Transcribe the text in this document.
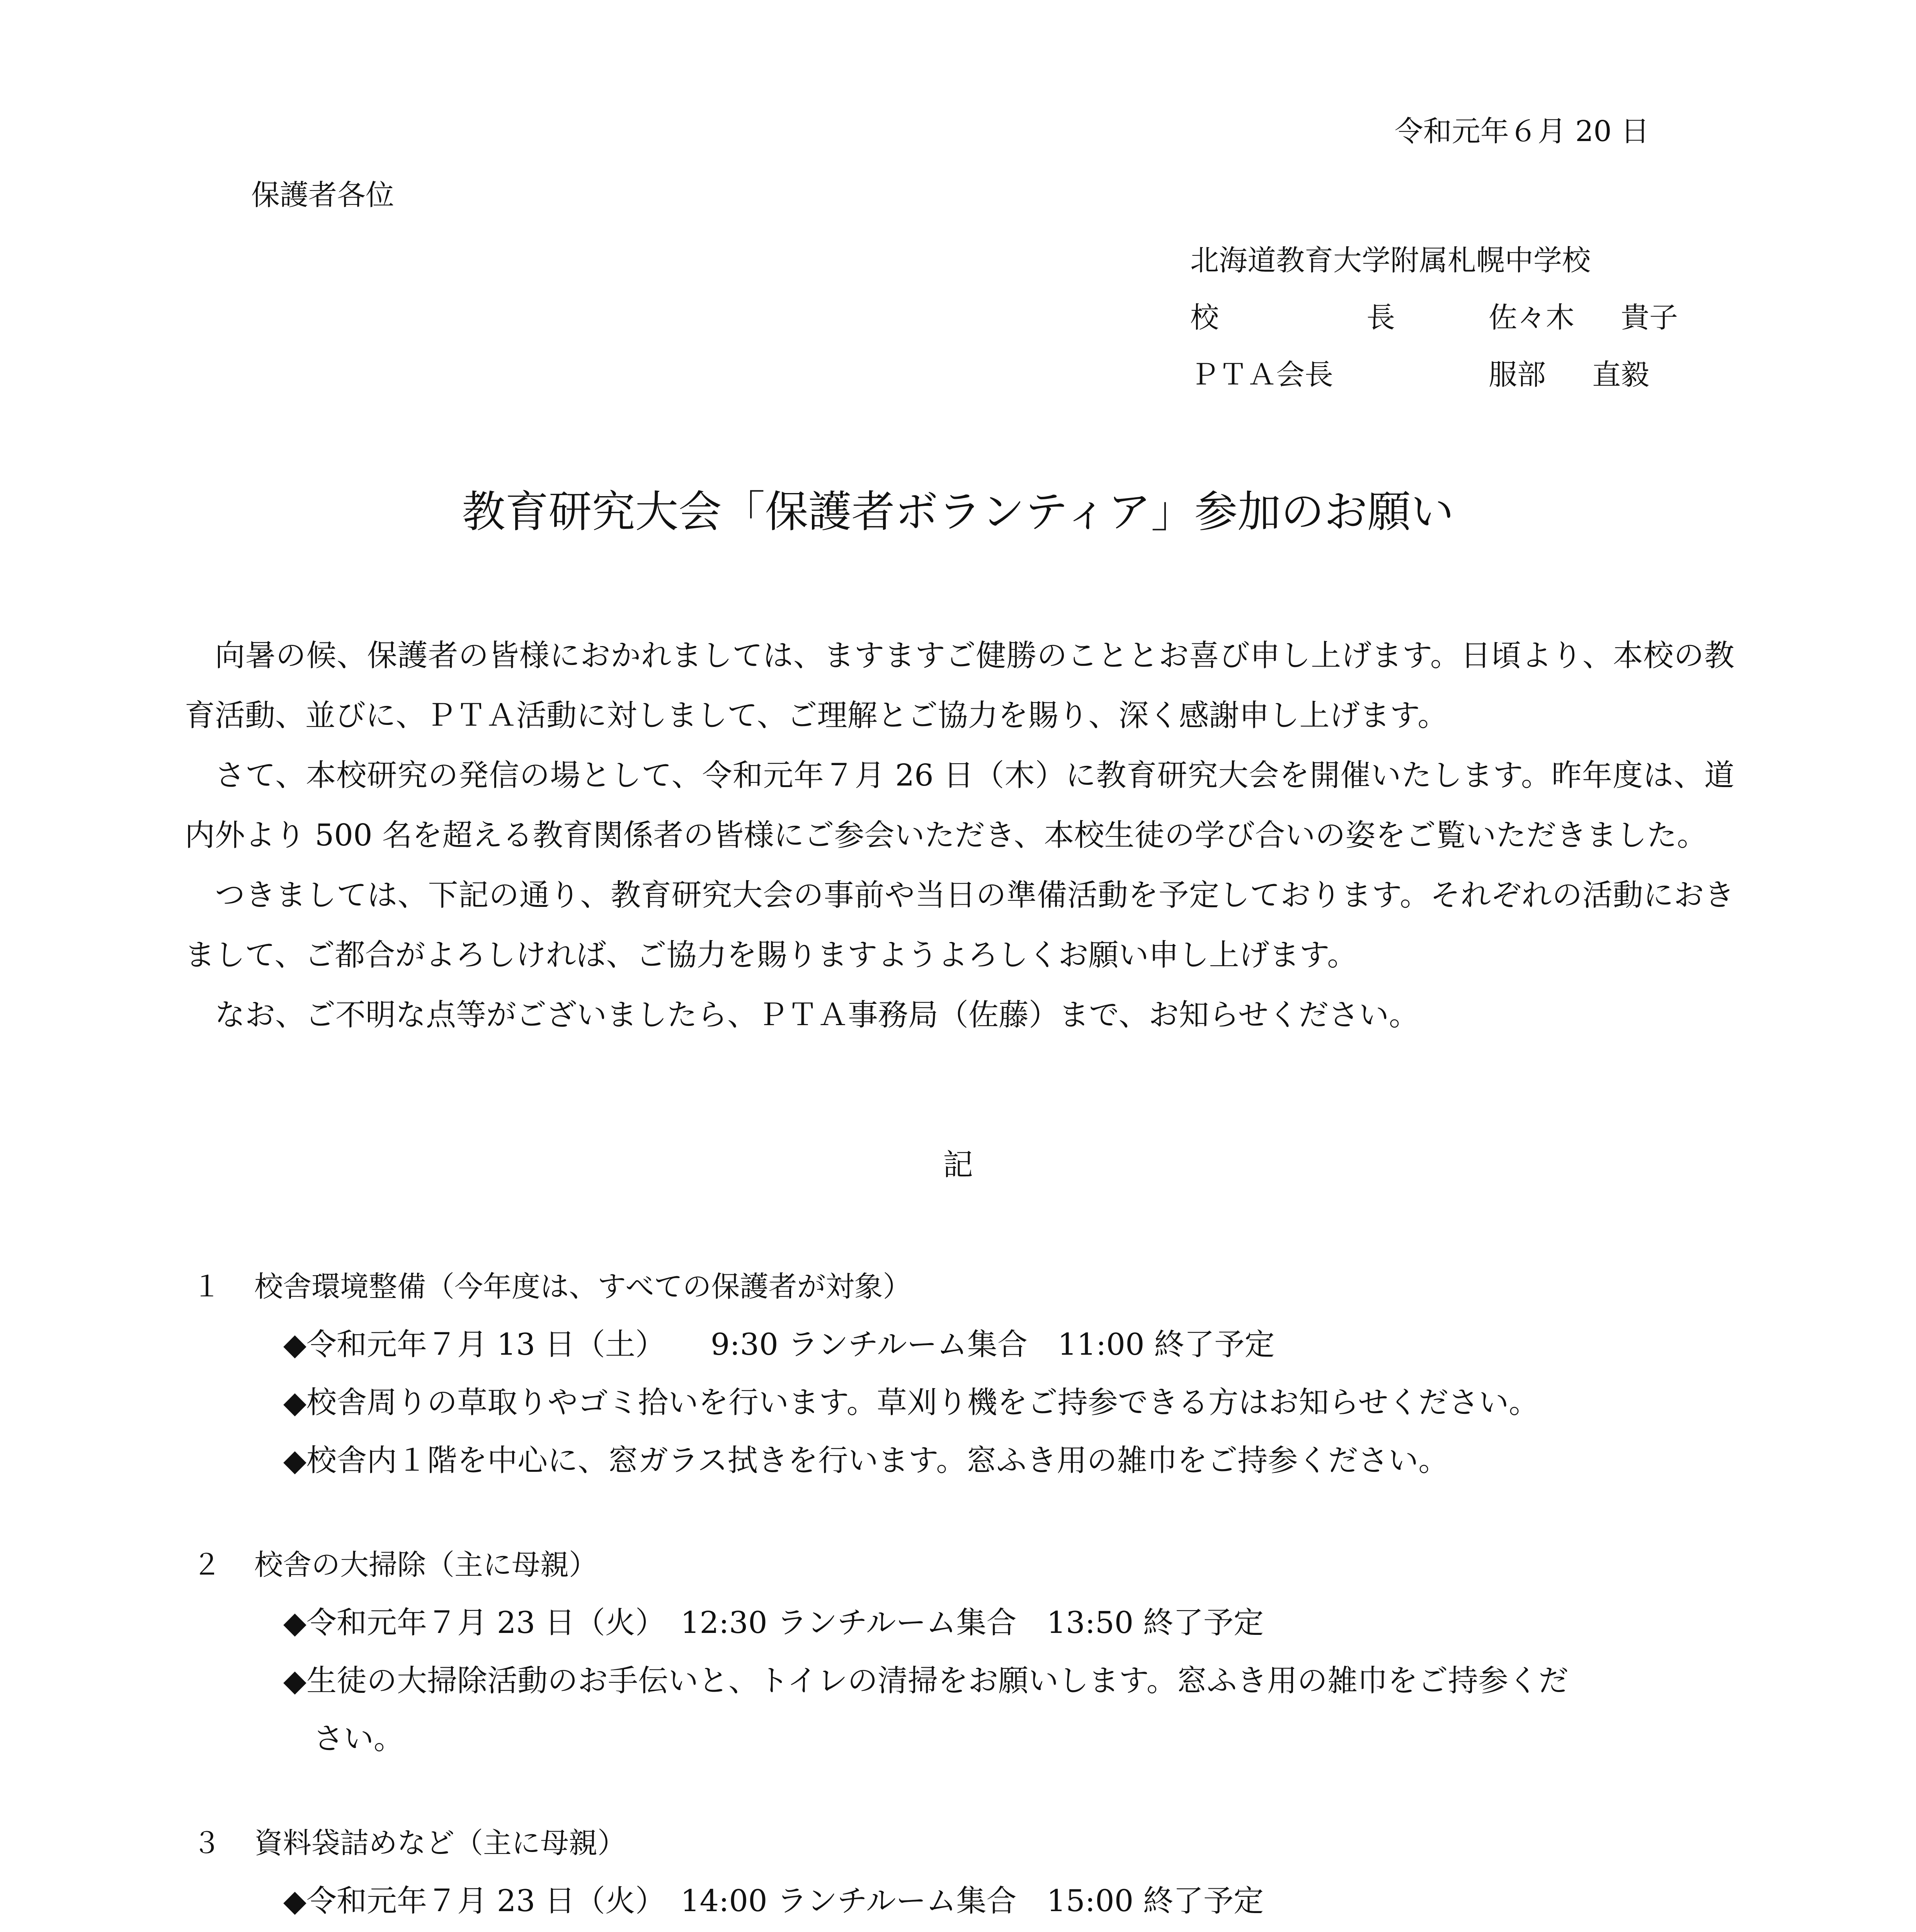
令和元年６月 20 日
保護者各位
北海道教育大学附属札幌中学校
校	長	佐々木 貴子
ＰＴＡ会長	服部 直毅
教育研究大会「保護者ボランティア」参加のお願い

向暑の候、保護者の皆様におかれましては、ますますご健勝のこととお喜び申し上げます。日頃より、本校の教育活動、並びに、ＰＴＡ活動に対しまして、ご理解とご協力を賜り、深く感謝申し上げます。

さて、本校研究の発信の場として、令和元年７月 26 日（木）に教育研究大会を開催いたします。昨年度は、道内外より 500 名を超える教育関係者の皆様にご参会いただき、本校生徒の学び合いの姿をご覧いただきました。

つきましては、下記の通り、教育研究大会の事前や当日の準備活動を予定しております。それぞれの活動におきまして、ご都合がよろしければ、ご協力を賜りますようよろしくお願い申し上げます。

なお、ご不明な点等がございましたら、ＰＴＡ事務局（佐藤）まで、お知らせください。

記
１ 校舎環境整備（今年度は、すべての保護者が対象）
◆令和元年７月 13 日（土）　　9:30 ランチルーム集合　11:00 終了予定
◆校舎周りの草取りやゴミ拾いを行います。草刈り機をご持参できる方はお知らせください。
◆校舎内１階を中心に、窓ガラス拭きを行います。窓ふき用の雑巾をご持参ください。
２ 校舎の大掃除（主に母親）
◆令和元年７月 23 日（火）　12:30 ランチルーム集合　13:50 終了予定
◆生徒の大掃除活動のお手伝いと、トイレの清掃をお願いします。窓ふき用の雑巾をご持参くだ
さい。
３ 資料袋詰めなど（主に母親）
◆令和元年７月 23 日（火）　14:00 ランチルーム集合　15:00 終了予定
